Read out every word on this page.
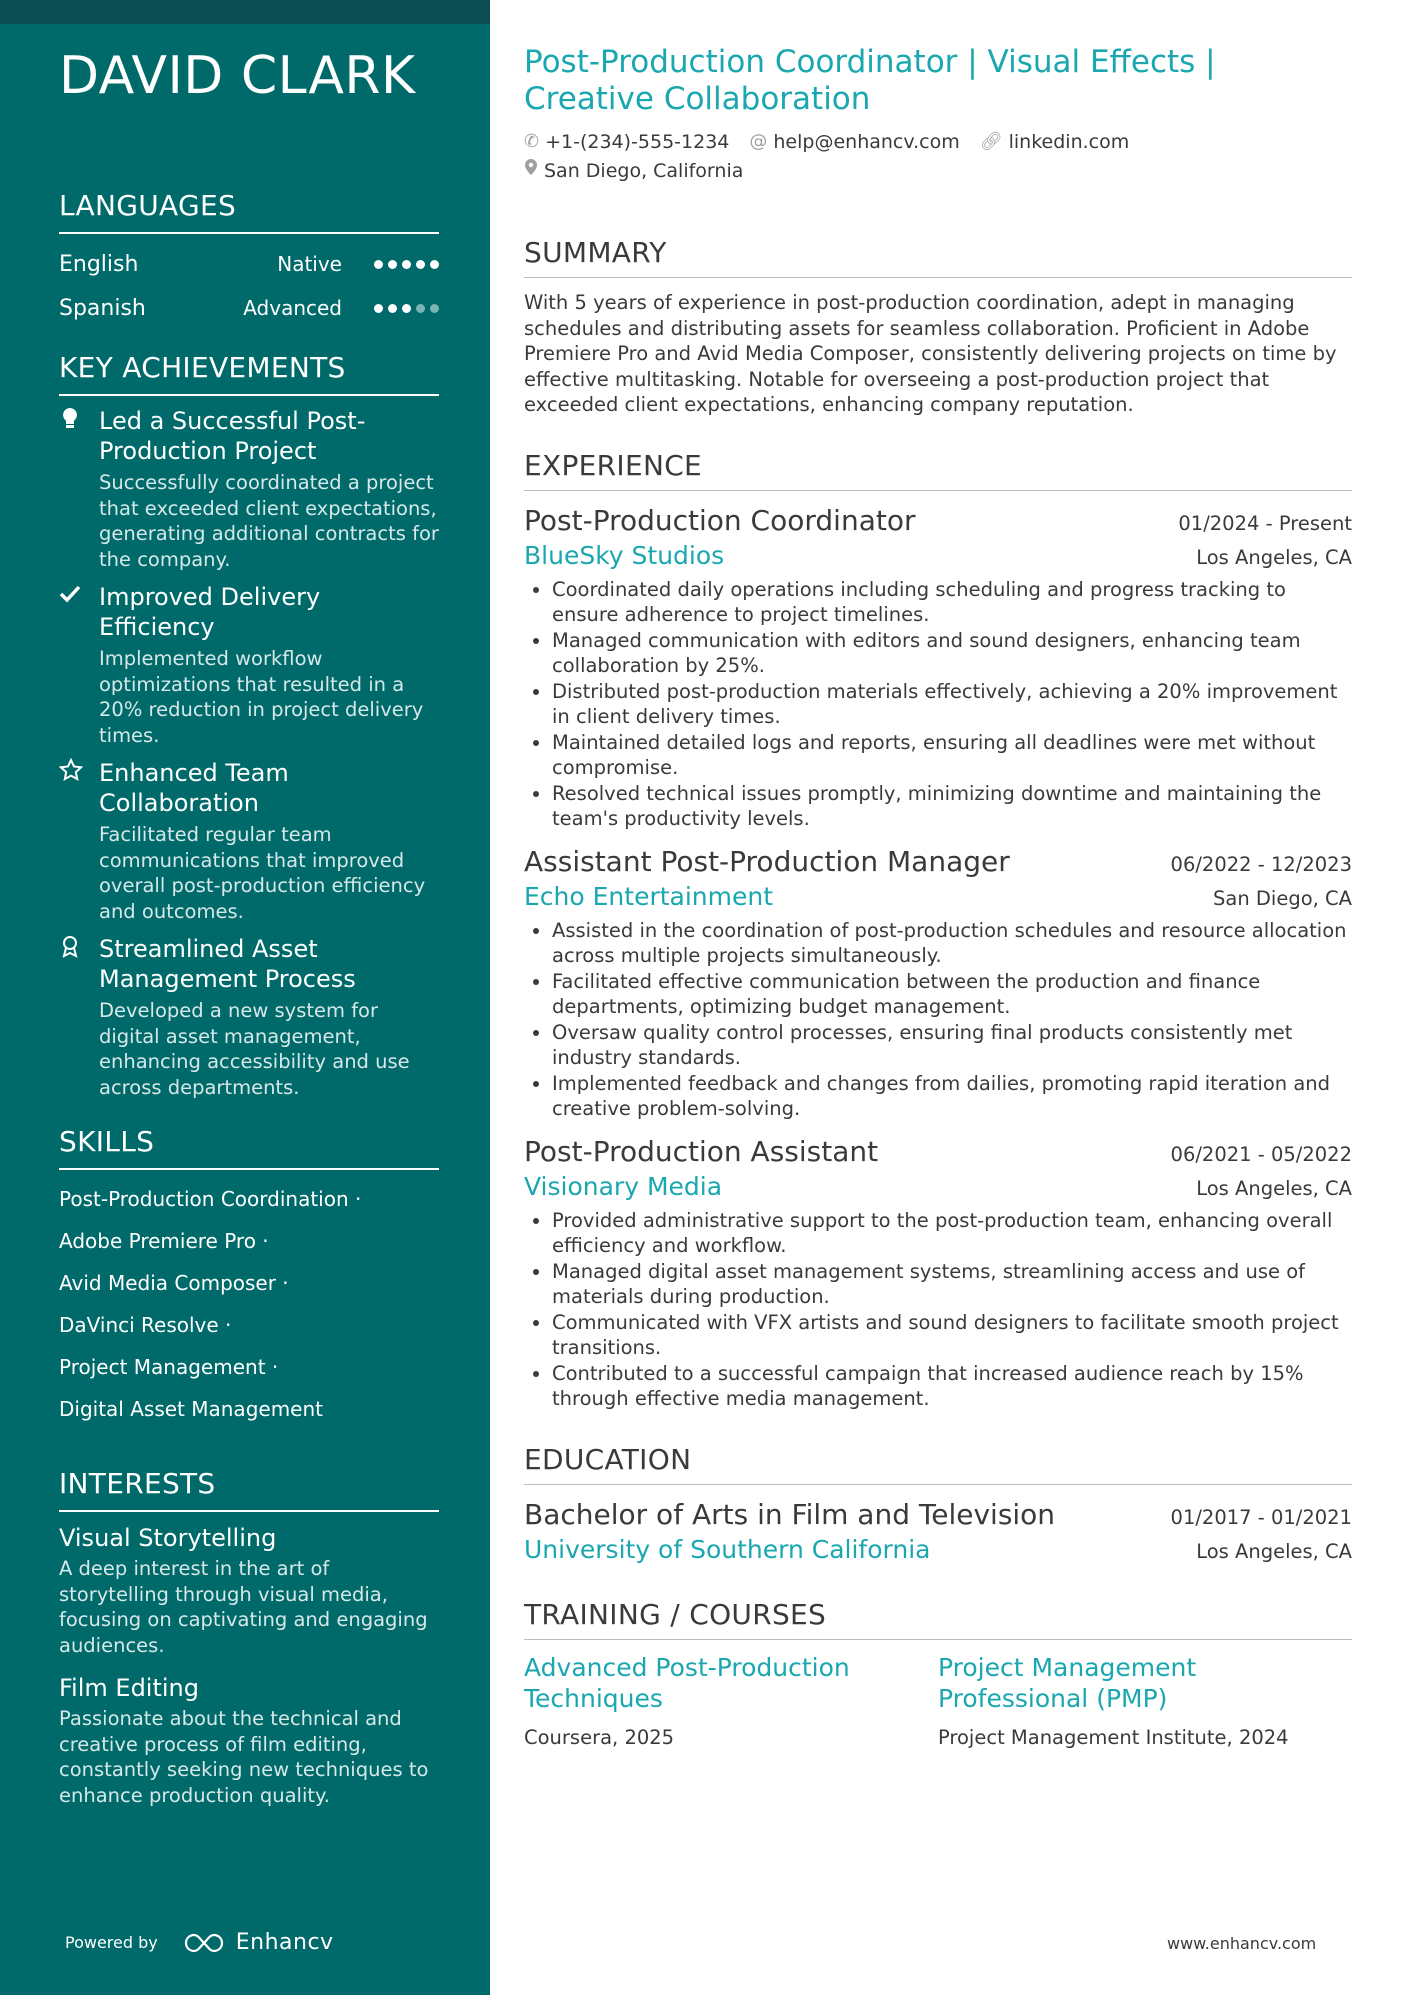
DAVID CLARK
LANGUAGES
English	Native
Spanish	Advanced
KEY ACHIEVEMENTS
Led a Successful Post-Production Project
Successfully coordinated a project that exceeded client expectations, generating additional contracts for the company.
Improved Delivery Efficiency
Implemented workflow optimizations that resulted in a 20% reduction in project delivery times.
Enhanced Team Collaboration
Facilitated regular team communications that improved overall post-production efficiency and outcomes.
Streamlined Asset Management Process
Developed a new system for digital asset management, enhancing accessibility and use across departments.
SKILLS
Post-Production Coordination ·
Adobe Premiere Pro ·
Avid Media Composer ·
DaVinci Resolve · Project Management ·
Digital Asset Management
INTERESTS
Visual Storytelling
A deep interest in the art of storytelling through visual media, focusing on captivating and engaging audiences.
Film Editing
Passionate about the technical and creative process of film editing, constantly seeking new techniques to enhance production quality.
Powered by	Enhancv
Post-Production Coordinator | Visual Effects | Creative Collaboration
✆ +1-(234)-555-1234 @ help@enhancv.com 🔗︎ linkedin.com
San Diego, California
SUMMARY
With 5 years of experience in post-production coordination, adept in managing schedules and distributing assets for seamless collaboration. Proficient in Adobe Premiere Pro and Avid Media Composer, consistently delivering projects on time by effective multitasking. Notable for overseeing a post-production project that exceeded client expectations, enhancing company reputation.
EXPERIENCE
Post-Production Coordinator	01/2024 - Present
BlueSky Studios	Los Angeles, CA
• Coordinated daily operations including scheduling and progress tracking to ensure adherence to project timelines.
• Managed communication with editors and sound designers, enhancing team collaboration by 25%.
• Distributed post-production materials effectively, achieving a 20% improvement in client delivery times.
• Maintained detailed logs and reports, ensuring all deadlines were met without compromise.
• Resolved technical issues promptly, minimizing downtime and maintaining the team's productivity levels.
Assistant Post-Production Manager	06/2022 - 12/2023
Echo Entertainment	San Diego, CA
• Assisted in the coordination of post-production schedules and resource allocation across multiple projects simultaneously.
• Facilitated effective communication between the production and finance departments, optimizing budget management.
• Oversaw quality control processes, ensuring final products consistently met industry standards.
• Implemented feedback and changes from dailies, promoting rapid iteration and creative problem-solving.
Post-Production Assistant	06/2021 - 05/2022
Visionary Media	Los Angeles, CA
• Provided administrative support to the post-production team, enhancing overall efficiency and workflow.
• Managed digital asset management systems, streamlining access and use of materials during production.
• Communicated with VFX artists and sound designers to facilitate smooth project transitions.
• Contributed to a successful campaign that increased audience reach by 15% through effective media management.
EDUCATION
Bachelor of Arts in Film and Television	01/2017 - 01/2021
University of Southern California	Los Angeles, CA
TRAINING / COURSES
Advanced Post-Production Techniques
Coursera, 2025
Project Management Professional (PMP)
Project Management Institute, 2024
www.enhancv.com
